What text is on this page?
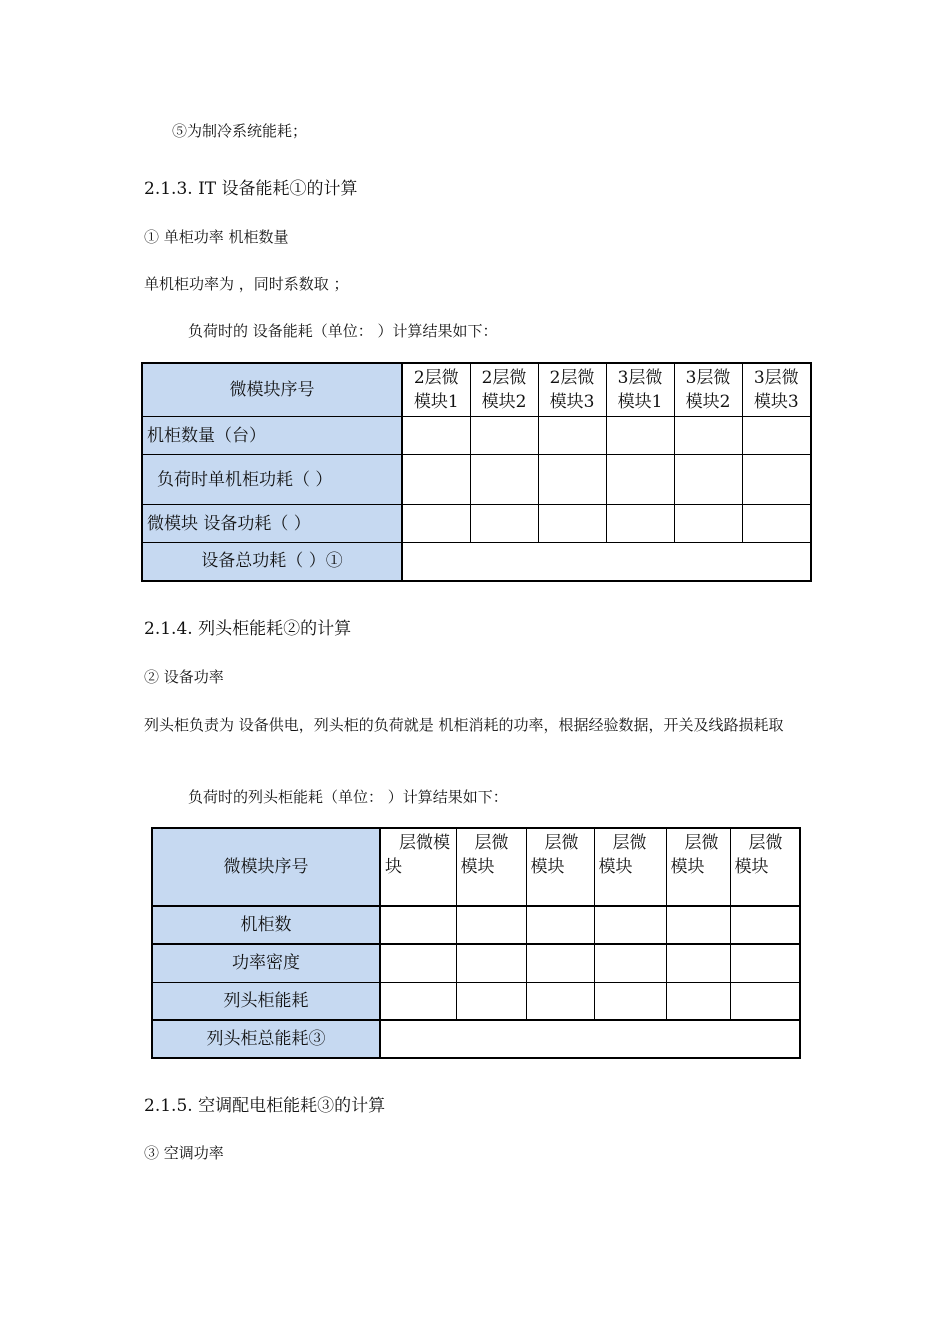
⑤为制冷系统能耗；
2.1.3. IT 设备能耗①的计算
① 单柜功率 机柜数量
单机柜功率为 ，同时系数取 ；
负荷时的 设备能耗（单位： ）计算结果如下：
微模块序号	2层微模块1	2层微模块2	2层微模块3	3层微模块1	3层微模块2	3层微模块3
机柜数量（台）						
负荷时单机柜功耗（ ）						
微模块 设备功耗（ ）						
设备总功耗（ ）①						
2.1.4. 列头柜能耗②的计算
② 设备功率
列头柜负责为 设备供电，列头柜的负荷就是 机柜消耗的功率，根据经验数据，开关及线路损耗取
负荷时的列头柜能耗（单位： ）计算结果如下：
微模块序号	层微模块	层微模块	层微模块	层微模块	层微模块	层微模块
机柜数						
功率密度						
列头柜能耗						
列头柜总能耗③						
2.1.5. 空调配电柜能耗③的计算
③ 空调功率
